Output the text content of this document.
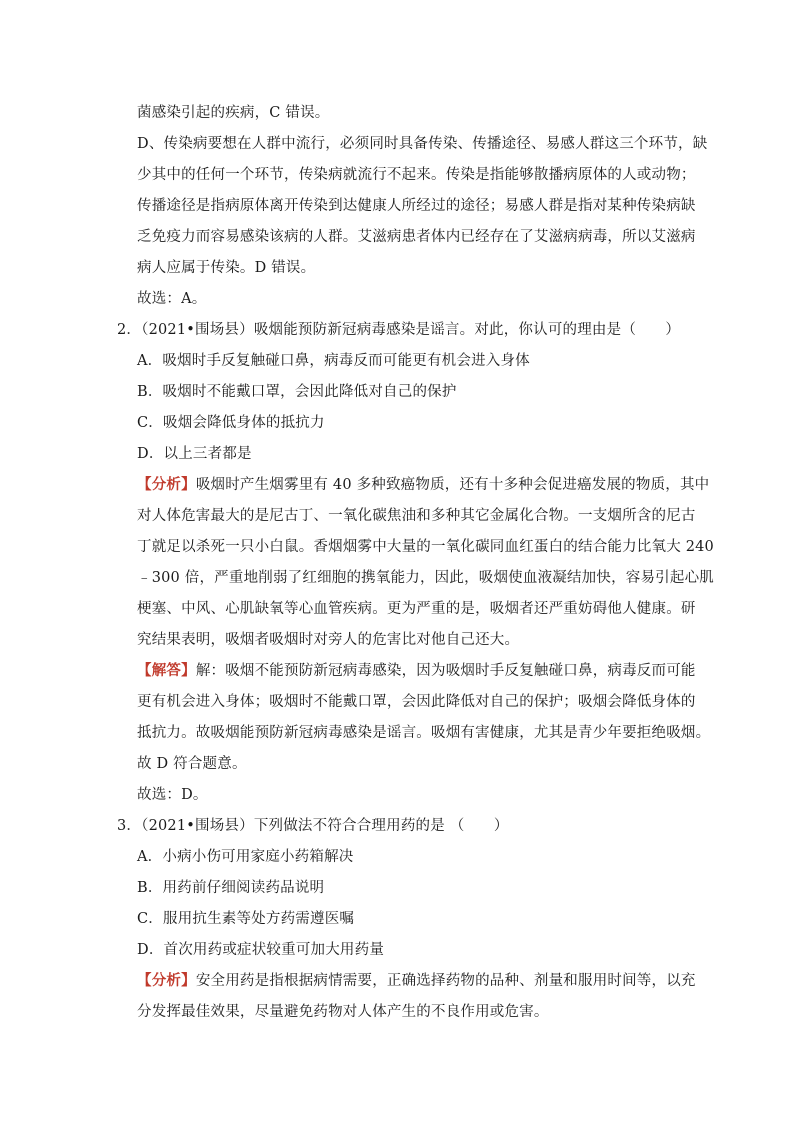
菌感染引起的疾病，C 错误。
D、传染病要想在人群中流行，必须同时具备传染、传播途径、易感人群这三个环节，缺
少其中的任何一个环节，传染病就流行不起来。传染是指能够散播病原体的人或动物；
传播途径是指病原体离开传染到达健康人所经过的途径；易感人群是指对某种传染病缺
乏免疫力而容易感染该病的人群。艾滋病患者体内已经存在了艾滋病病毒，所以艾滋病
病人应属于传染。D 错误。
故选：A。
2．（2021•围场县）吸烟能预防新冠病毒感染是谣言。对此，你认可的理由是（　　）
A．吸烟时手反复触碰口鼻，病毒反而可能更有机会进入身体
B．吸烟时不能戴口罩，会因此降低对自己的保护
C．吸烟会降低身体的抵抗力
D．以上三者都是
【分析】吸烟时产生烟雾里有 40 多种致癌物质，还有十多种会促进癌发展的物质，其中
对人体危害最大的是尼古丁、一氧化碳焦油和多种其它金属化合物。一支烟所含的尼古
丁就足以杀死一只小白鼠。香烟烟雾中大量的一氧化碳同血红蛋白的结合能力比氧大 240
﹣300 倍，严重地削弱了红细胞的携氧能力，因此，吸烟使血液凝结加快，容易引起心肌
梗塞、中风、心肌缺氧等心血管疾病。更为严重的是，吸烟者还严重妨碍他人健康。研
究结果表明，吸烟者吸烟时对旁人的危害比对他自己还大。
【解答】解：吸烟不能预防新冠病毒感染，因为吸烟时手反复触碰口鼻，病毒反而可能
更有机会进入身体；吸烟时不能戴口罩，会因此降低对自己的保护；吸烟会降低身体的
抵抗力。故吸烟能预防新冠病毒感染是谣言。吸烟有害健康，尤其是青少年要拒绝吸烟。
故 D 符合题意。
故选：D。
3．（2021•围场县）下列做法不符合合理用药的是 （　　）
A．小病小伤可用家庭小药箱解决
B．用药前仔细阅读药品说明
C．服用抗生素等处方药需遵医嘱
D．首次用药或症状较重可加大用药量
【分析】安全用药是指根据病情需要，正确选择药物的品种、剂量和服用时间等，以充
分发挥最佳效果，尽量避免药物对人体产生的不良作用或危害。
